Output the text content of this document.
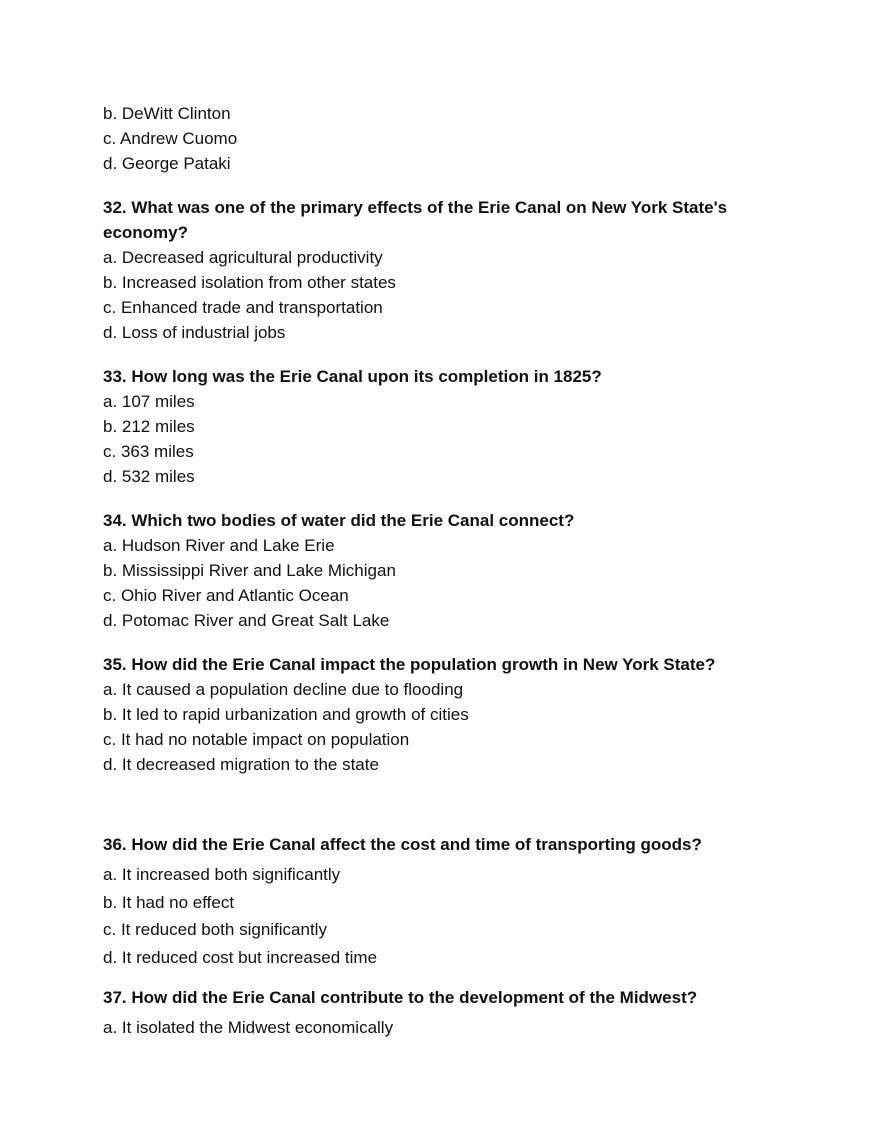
b. DeWitt Clinton

c. Andrew Cuomo

d. George Pataki

32. What was one of the primary effects of the Erie Canal on New York State's economy?

a. Decreased agricultural productivity

b. Increased isolation from other states

c. Enhanced trade and transportation

d. Loss of industrial jobs

33. How long was the Erie Canal upon its completion in 1825?

a. 107 miles

b. 212 miles

c. 363 miles

d. 532 miles

34. Which two bodies of water did the Erie Canal connect?

a. Hudson River and Lake Erie

b. Mississippi River and Lake Michigan

c. Ohio River and Atlantic Ocean

d. Potomac River and Great Salt Lake

35. How did the Erie Canal impact the population growth in New York State?

a. It caused a population decline due to flooding

b. It led to rapid urbanization and growth of cities

c. It had no notable impact on population

d. It decreased migration to the state

36. How did the Erie Canal affect the cost and time of transporting goods?

a. It increased both significantly

b. It had no effect

c. It reduced both significantly

d. It reduced cost but increased time

37. How did the Erie Canal contribute to the development of the Midwest?

a. It isolated the Midwest economically
